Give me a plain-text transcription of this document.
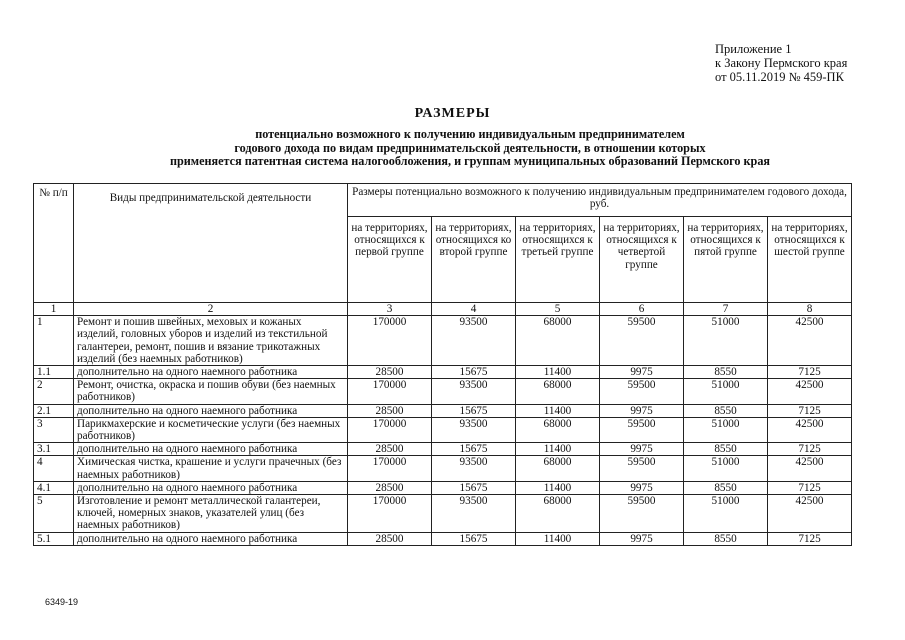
Приложение 1
к Закону Пермского края
от 05.11.2019 № 459-ПК
РАЗМЕРЫ
потенциально возможного к получению индивидуальным предпринимателем
годового дохода по видам предпринимательской деятельности, в отношении которых
применяется патентная система налогообложения, и группам муниципальных образований Пермского края
№ п/п	Виды предпринимательской деятельности	Размеры потенциально возможного к получению индивидуальным предпринимателем годового дохода, руб.					
		на территориях, относящихся к первой группе	на территориях, относящихся ко второй группе	на территориях, относящихся к третьей группе	на территориях, относящихся к четвертой группе	на территориях, относящихся к пятой группе	на территориях, относящихся к шестой группе
1	2	3	4	5	6	7	8
1	Ремонт и пошив швейных, меховых и кожаных изделий, головных уборов и изделий из текстильной галантереи, ремонт, пошив и вязание трикотажных изделий (без наемных работников)	170000	93500	68000	59500	51000	42500
1.1	дополнительно на одного наемного работника	28500	15675	11400	9975	8550	7125
2	Ремонт, очистка, окраска и пошив обуви (без наемных работников)	170000	93500	68000	59500	51000	42500
2.1	дополнительно на одного наемного работника	28500	15675	11400	9975	8550	7125
3	Парикмахерские и косметические услуги (без наемных работников)	170000	93500	68000	59500	51000	42500
3.1	дополнительно на одного наемного работника	28500	15675	11400	9975	8550	7125
4	Химическая чистка, крашение и услуги прачечных (без наемных работников)	170000	93500	68000	59500	51000	42500
4.1	дополнительно на одного наемного работника	28500	15675	11400	9975	8550	7125
5	Изготовление и ремонт металлической галантереи, ключей, номерных знаков, указателей улиц (без наемных работников)	170000	93500	68000	59500	51000	42500
5.1	дополнительно на одного наемного работника	28500	15675	11400	9975	8550	7125
6349-19
